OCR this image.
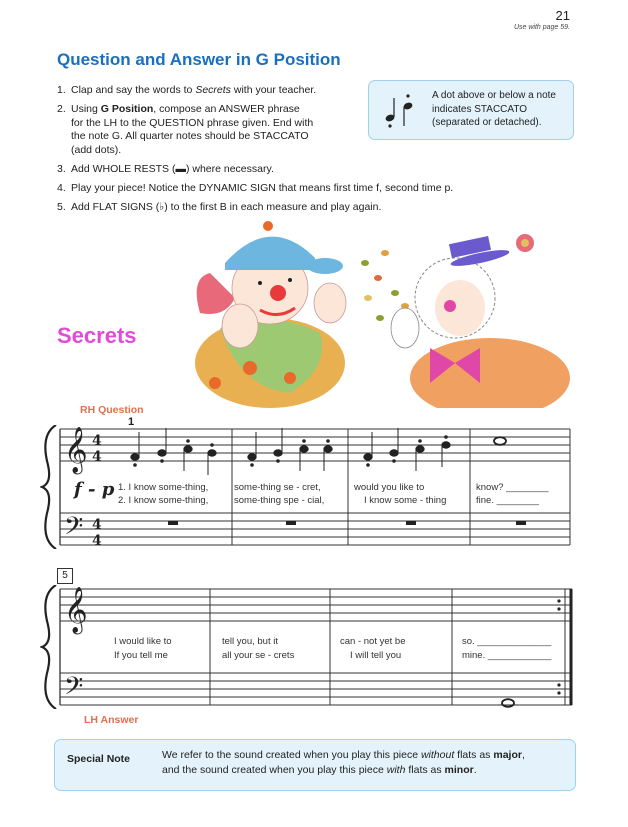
21
Use with page 59.
Question and Answer in G Position
1. Clap and say the words to Secrets with your teacher.
2. Using G Position, compose an ANSWER phrase
for the LH to the QUESTION phrase given. End with
the note G. All quarter notes should be STACCATO
(add dots).
3. Add WHOLE RESTS (▬) where necessary.
4. Play your piece! Notice the DYNAMIC SIGN that means first time f, second time p.
5. Add FLAT SIGNS (♭) to the first B in each measure and play again.
A dot above or below a note
indicates STACCATO
(separated or detached).
Secrets
RH Question
1
𝄞
𝄢
4
4
4
4
f - p 1. I know some-thing,	some-thing se - cret,	would you like to	know? ________
2. I know some-thing,	some-thing spe - cial,	I know some - thing	fine. ________
5
𝄞
𝄢
I would like to	tell you, but it	can - not yet be	so. ______________
If you tell me	all your se - crets	I will tell you	mine. ____________
LH Answer
Special Note	We refer to the sound created when you play this piece without flats as major,
and the sound created when you play this piece with flats as minor.
